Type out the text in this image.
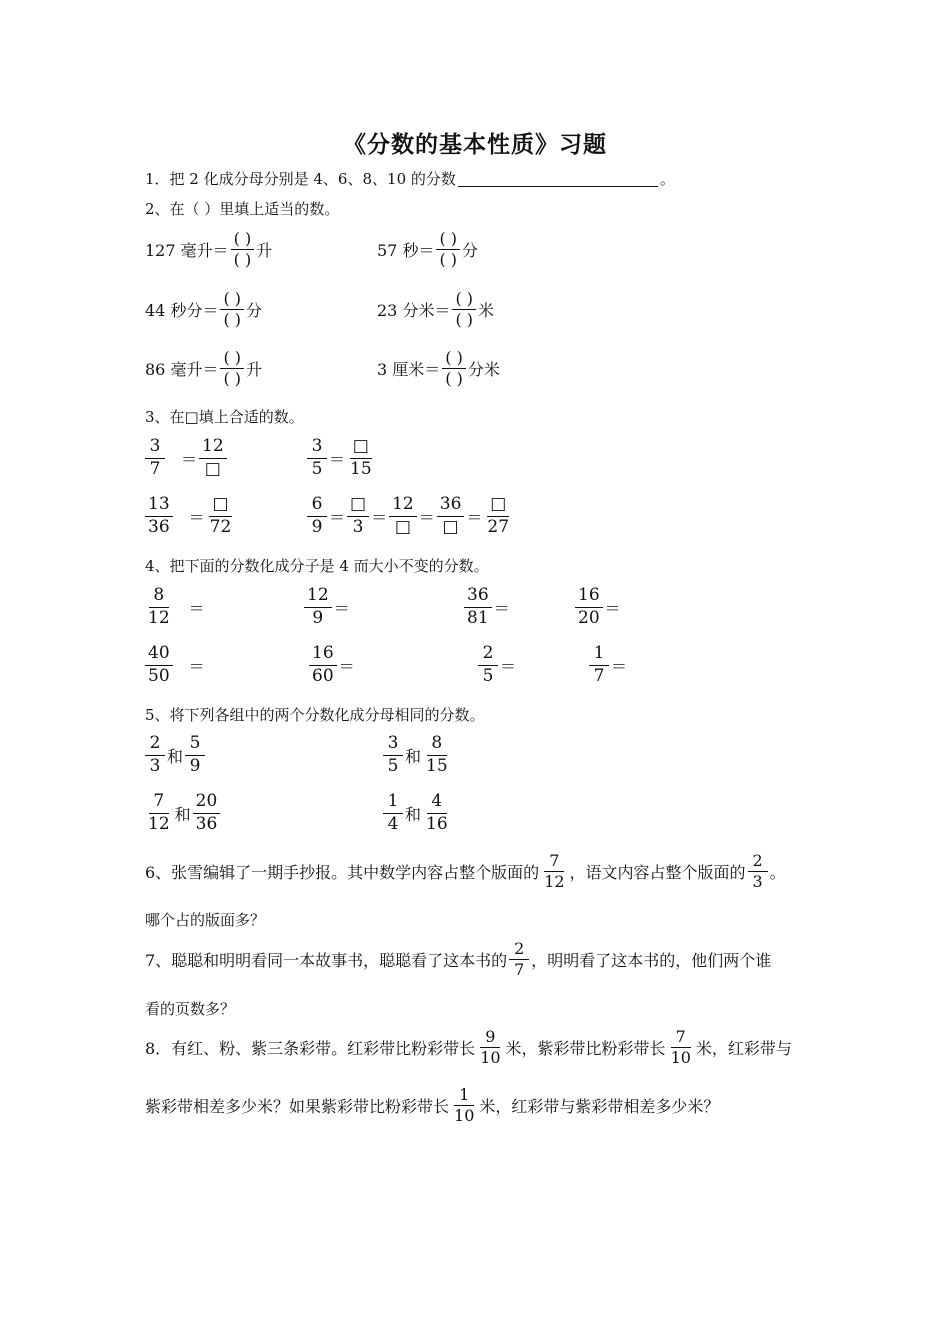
《分数的基本性质》习题
1．把 2 化成分母分别是 4、6、8、10 的分数	。
2、在（ ）里填上适当的数。
127 毫升＝ $\frac{( )}{( )}$ 升	57 秒＝ $\frac{( )}{( )}$ 分
44 秒分＝ $\frac{( )}{( )}$ 分	23 分米＝ $\frac{( )}{( )}$ 米
86 毫升＝ $\frac{( )}{( )}$ 升	3 厘米＝ $\frac{( )}{( )}$ 分米
3、在□填上合适的数。
$\frac{3}{7} = \frac{12}{□}$	$\frac{3}{5} = \frac{□}{15}$
$\frac{13}{36} = \frac{□}{72}$	$\frac{6}{9} = \frac{□}{3} = \frac{12}{□} = \frac{36}{□} = \frac{□}{27}$
4、把下面的分数化成分子是 4 而大小不变的分数。
$\frac{8}{12}$ ＝	$\frac{12}{9}$ ＝	$\frac{36}{81}$ ＝	$\frac{16}{20}$ ＝
$\frac{40}{50}$ ＝	$\frac{16}{60}$ ＝	$\frac{2}{5}$ ＝	$\frac{1}{7}$ ＝
5、将下列各组中的两个分数化成分母相同的分数。
$\frac{2}{3}$ 和 $\frac{5}{9}$	$\frac{3}{5}$ 和 $\frac{8}{15}$
$\frac{7}{12}$ 和 $\frac{20}{36}$	$\frac{1}{4}$ 和 $\frac{4}{16}$
6、张雪编辑了一期手抄报。其中数学内容占整个版面的 $\frac{7}{12}$ ，语文内容占整个版面的 $\frac{2}{3}$ 。
哪个占的版面多？
7、聪聪和明明看同一本故事书，聪聪看了这本书的 $\frac{2}{7}$ ，明明看了这本书的，他们两个谁
看的页数多？
8．有红、粉、紫三条彩带。红彩带比粉彩带长 $\frac{9}{10}$ 米，紫彩带比粉彩带长 $\frac{7}{10}$ 米，红彩带与
紫彩带相差多少米？如果紫彩带比粉彩带长 $\frac{1}{10}$ 米，红彩带与紫彩带相差多少米？
